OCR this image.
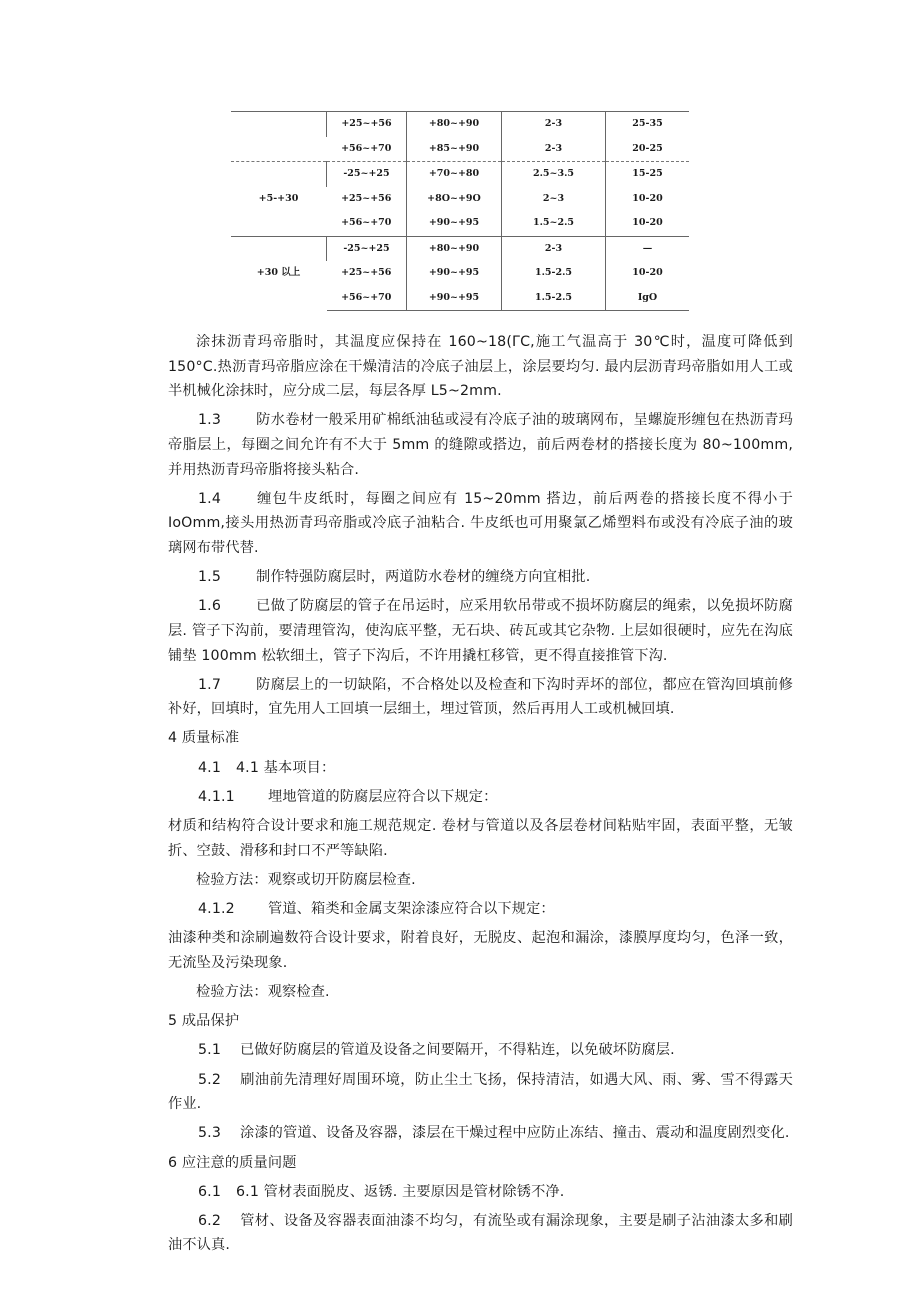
	+25~+56	+80~+90	2-3	25-35
	+56~+70	+85~+90	2-3	20-25
+5-+30	-25~+25	+70~+80	2.5~3.5	15-25
	+25~+56	+8O~+9O	2~3	10-20
	+56~+70	+90~+95	1.5~2.5	10-20
+30 以上	-25~+25	+80~+90	2-3	—
	+25~+56	+90~+95	1.5-2.5	10-20
	+56~+70	+90~+95	1.5-2.5	IgO

涂抹沥青玛帝脂时，其温度应保持在 160~18(ΓC,施工气温高于 30℃时，温度可降低到 150°C.热沥青玛帝脂应涂在干燥清洁的冷底子油层上，涂层要均匀. 最内层沥青玛帝脂如用人工或半机械化涂抹时，应分成二层，每层各厚 L5~2mm.

1.3 防水卷材一般采用矿棉纸油毡或浸有冷底子油的玻璃网布，呈螺旋形缠包在热沥青玛帝脂层上，每圈之间允许有不大于 5mm 的缝隙或搭边，前后两卷材的搭接长度为 80~100mm,并用热沥青玛帝脂将接头粘合.

1.4 缠包牛皮纸时，每圈之间应有 15~20mm 搭边，前后两卷的搭接长度不得小于 IoOmm,接头用热沥青玛帝脂或冷底子油粘合. 牛皮纸也可用聚氯乙烯塑料布或没有冷底子油的玻璃网布带代替.

1.5 制作特强防腐层时，两道防水卷材的缠绕方向宜相批.

1.6 已做了防腐层的管子在吊运时，应采用软吊带或不损坏防腐层的绳索，以免损坏防腐层. 管子下沟前，要清理管沟，使沟底平整，无石块、砖瓦或其它杂物. 上层如很硬时，应先在沟底铺垫 100mm 松软细土，管子下沟后，不许用撬杠移管，更不得直接推管下沟.

1.7 防腐层上的一切缺陷，不合格处以及检查和下沟时弄坏的部位，都应在管沟回填前修补好，回填时，宜先用人工回填一层细土，埋过管顶，然后再用人工或机械回填.

4 质量标准

4.1 4.1 基本项目：

4.1.1 埋地管道的防腐层应符合以下规定：

材质和结构符合设计要求和施工规范规定. 卷材与管道以及各层卷材间粘贴牢固，表面平整，无皱折、空鼓、滑移和封口不严等缺陷.

检验方法：观察或切开防腐层检查.

4.1.2 管道、箱类和金属支架涂漆应符合以下规定：

油漆种类和涂刷遍数符合设计要求，附着良好，无脱皮、起泡和漏涂，漆膜厚度均匀，色泽一致，无流坠及污染现象.

检验方法：观察检查.

5 成品保护

5.1 已做好防腐层的管道及设备之间要隔开，不得粘连，以免破坏防腐层.

5.2 刷油前先清理好周围环境，防止尘土飞扬，保持清洁，如遇大风、雨、雾、雪不得露天作业.

5.3 涂漆的管道、设备及容器，漆层在干燥过程中应防止冻结、撞击、震动和温度剧烈变化.

6 应注意的质量问题

6.1 6.1 管材表面脱皮、返锈. 主要原因是管材除锈不净.

6.2 管材、设备及容器表面油漆不均匀，有流坠或有漏涂现象，主要是刷子沾油漆太多和刷油不认真.
